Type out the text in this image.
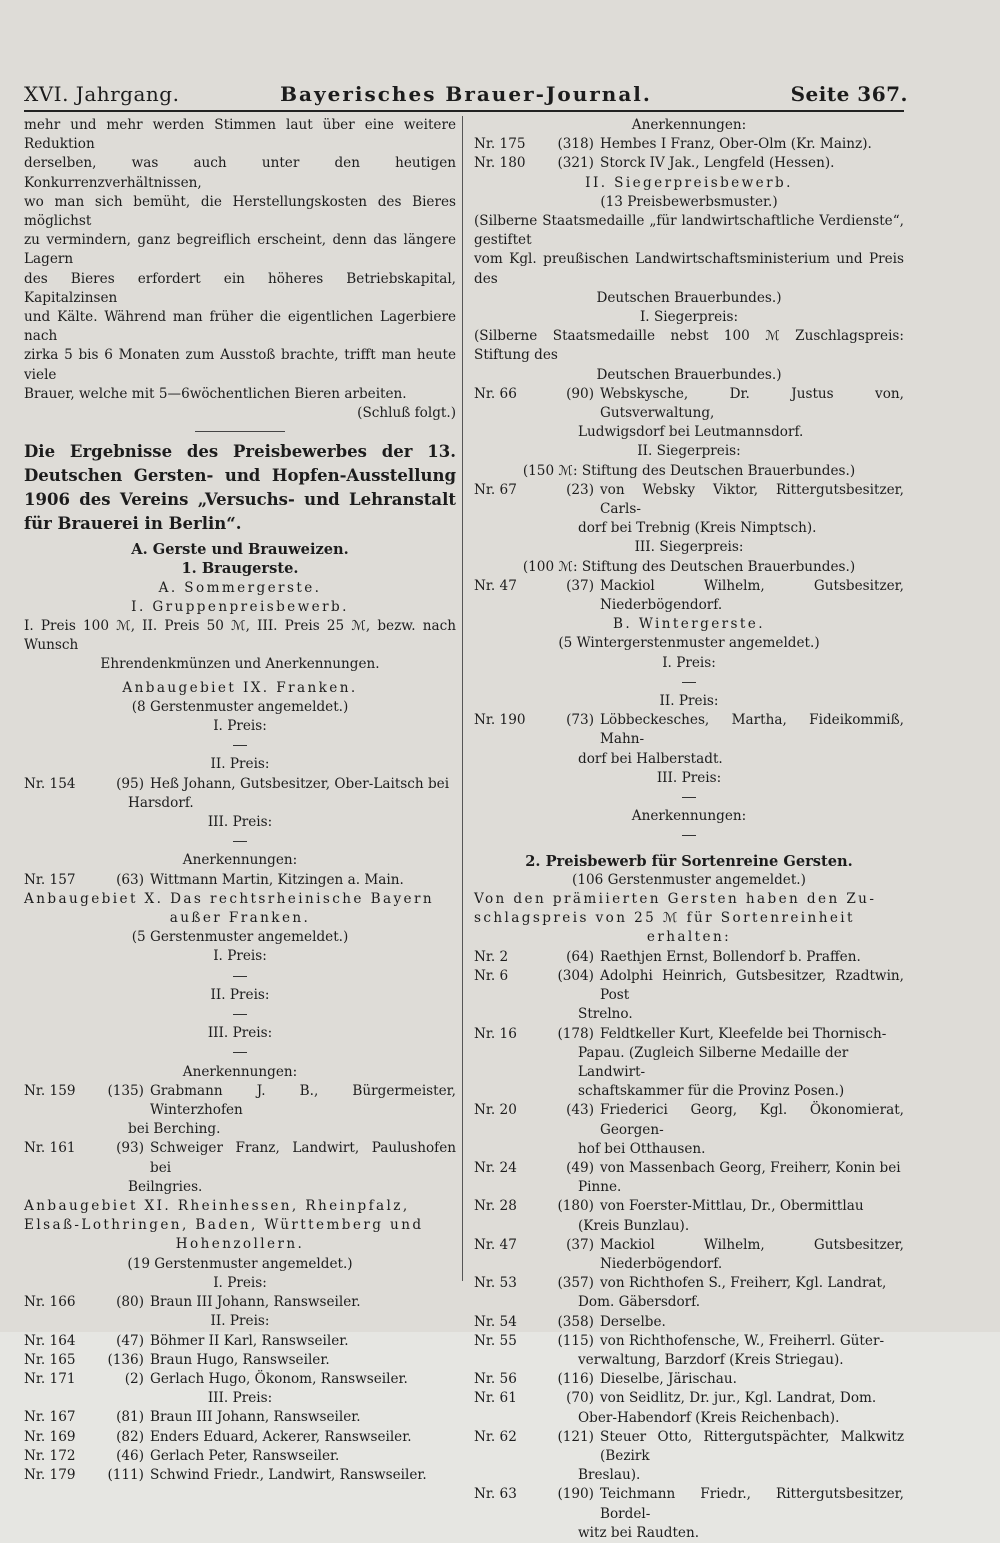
XVI. Jahrgang.	Bayerisches Brauer-Journal.	Seite 367.

mehr und mehr werden Stimmen laut über eine weitere Reduktion

derselben, was auch unter den heutigen Konkurrenzverhältnissen,

wo man sich bemüht, die Herstellungskosten des Bieres möglichst

zu vermindern, ganz begreiflich erscheint, denn das längere Lagern

des Bieres erfordert ein höheres Betriebskapital, Kapitalzinsen

und Kälte. Während man früher die eigentlichen Lagerbiere nach

zirka 5 bis 6 Monaten zum Ausstoß brachte, trifft man heute viele

Brauer, welche mit 5—6wöchentlichen Bieren arbeiten.

(Schluß folgt.)

Die Ergebnisse des Preisbewerbes der 13. Deutschen Gersten- und Hopfen-Ausstellung 1906 des Vereins „Versuchs- und Lehranstalt für Brauerei in Berlin“.

A. Gerste und Brauweizen.

1. Braugerste.

A. Sommergerste.

I. Gruppenpreisbewerb.

I. Preis 100 ℳ, II. Preis 50 ℳ, III. Preis 25 ℳ, bezw. nach Wunsch

Ehrendenkmünzen und Anerkennungen.

Anbaugebiet IX. Franken.

(8 Gerstenmuster angemeldet.)

I. Preis:

II. Preis:

Nr. 154	(95) Heß Johann, Gutsbesitzer, Ober-Laitsch bei

Harsdorf.

III. Preis:

Anerkennungen:

Nr. 157	(63) Wittmann Martin, Kitzingen a. Main.

Anbaugebiet X. Das rechtsrheinische Bayern

außer Franken.

(5 Gerstenmuster angemeldet.)

I. Preis:

II. Preis:

III. Preis:

Anerkennungen:

Nr. 159	(135) Grabmann J. B., Bürgermeister, Winterzhofen

bei Berching.

Nr. 161	(93) Schweiger Franz, Landwirt, Paulushofen bei

Beilngries.

Anbaugebiet XI. Rheinhessen, Rheinpfalz,

Elsaß-Lothringen, Baden, Württemberg und

Hohenzollern.

(19 Gerstenmuster angemeldet.)

I. Preis:

Nr. 166	(80) Braun III Johann, Ranswseiler.

II. Preis:

Nr. 164	(47) Böhmer II Karl, Ranswseiler.
Nr. 165	(136) Braun Hugo, Ranswseiler.
Nr. 171	(2) Gerlach Hugo, Ökonom, Ranswseiler.

III. Preis:

Nr. 167	(81) Braun III Johann, Ranswseiler.
Nr. 169	(82) Enders Eduard, Ackerer, Ranswseiler.
Nr. 172	(46) Gerlach Peter, Ranswseiler.
Nr. 179	(111) Schwind Friedr., Landwirt, Ranswseiler.

Anerkennungen:

Nr. 175	(318) Hembes I Franz, Ober-Olm (Kr. Mainz).
Nr. 180	(321) Storck IV Jak., Lengfeld (Hessen).

II. Siegerpreisbewerb.

(13 Preisbewerbsmuster.)

(Silberne Staatsmedaille „für landwirtschaftliche Verdienste“, gestiftet

vom Kgl. preußischen Landwirtschaftsministerium und Preis des

Deutschen Brauerbundes.)

I. Siegerpreis:

(Silberne Staatsmedaille nebst 100 ℳ Zuschlagspreis: Stiftung des

Deutschen Brauerbundes.)

Nr. 66	(90) Webskysche, Dr. Justus von, Gutsverwaltung,

Ludwigsdorf bei Leutmannsdorf.

II. Siegerpreis:

(150 ℳ: Stiftung des Deutschen Brauerbundes.)

Nr. 67	(23) von Websky Viktor, Rittergutsbesitzer, Carls-

dorf bei Trebnig (Kreis Nimptsch).

III. Siegerpreis:

(100 ℳ: Stiftung des Deutschen Brauerbundes.)

Nr. 47	(37) Mackiol Wilhelm, Gutsbesitzer, Niederbögendorf.

B. Wintergerste.

(5 Wintergerstenmuster angemeldet.)

I. Preis:

II. Preis:

Nr. 190	(73) Löbbeckesches, Martha, Fideikommiß, Mahn-

dorf bei Halberstadt.

III. Preis:

Anerkennungen:

2. Preisbewerb für Sortenreine Gersten.

(106 Gerstenmuster angemeldet.)

Von den prämiierten Gersten haben den Zu-

schlagspreis von 25 ℳ für Sortenreinheit

erhalten:

Nr. 2	(64) Raethjen Ernst, Bollendorf b. Praffen.
Nr. 6	(304) Adolphi Heinrich, Gutsbesitzer, Rzadtwin, Post

Strelno.

Nr. 16	(178) Feldtkeller Kurt, Kleefelde bei Thornisch-

Papau. (Zugleich Silberne Medaille der Landwirt-

schaftskammer für die Provinz Posen.)

Nr. 20	(43) Friederici Georg, Kgl. Ökonomierat, Georgen-

hof bei Otthausen.

Nr. 24	(49) von Massenbach Georg, Freiherr, Konin bei

Pinne.

Nr. 28	(180) von Foerster-Mittlau, Dr., Obermittlau

(Kreis Bunzlau).

Nr. 47	(37) Mackiol Wilhelm, Gutsbesitzer, Niederbögendorf.
Nr. 53	(357) von Richthofen S., Freiherr, Kgl. Landrat,

Dom. Gäbersdorf.

Nr. 54	(358) Derselbe.
Nr. 55	(115) von Richthofensche, W., Freiherrl. Güter-

verwaltung, Barzdorf (Kreis Striegau).

Nr. 56	(116) Dieselbe, Järischau.
Nr. 61	(70) von Seidlitz, Dr. jur., Kgl. Landrat, Dom.

Ober-Habendorf (Kreis Reichenbach).

Nr. 62	(121) Steuer Otto, Rittergutspächter, Malkwitz (Bezirk

Breslau).

Nr. 63	(190) Teichmann Friedr., Rittergutsbesitzer, Bordel-

witz bei Raudten.
